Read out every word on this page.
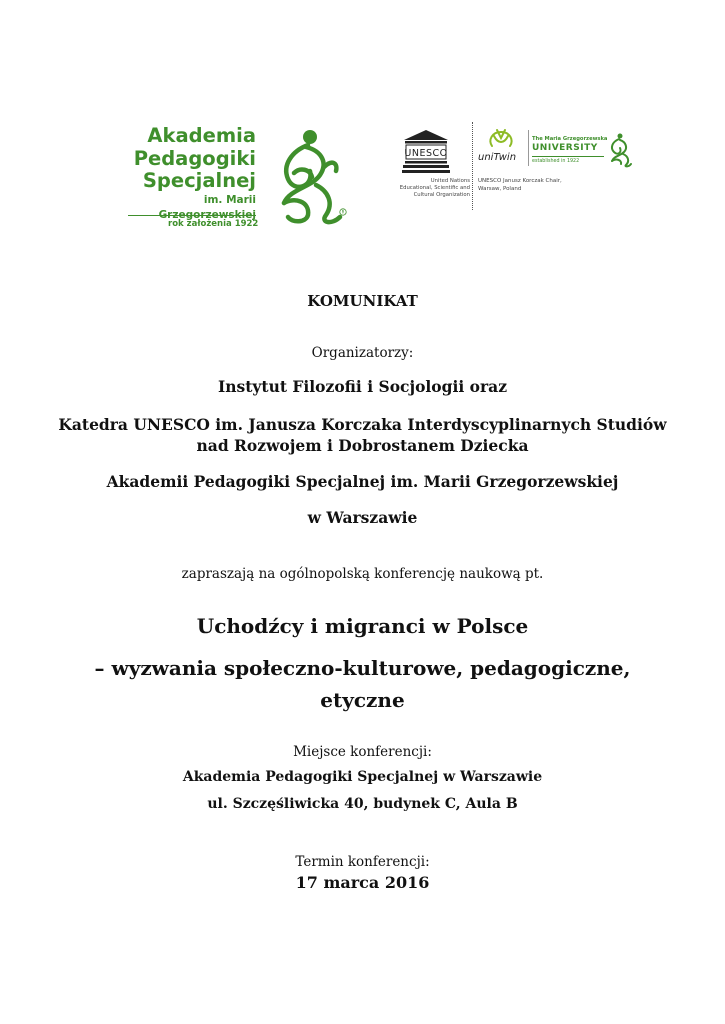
Akademia
Pedagogiki
Specjalnej
im. Marii Grzegorzewskiej
rok założenia 1922
R
UNESCO
United Nations
Educational, Scientific and
Cultural Organization
uniTwin
The Maria Grzegorzewska
UNIVERSITY
established in 1922
UNESCO Janusz Korczak Chair,
Warsaw, Poland
KOMUNIKAT
Organizatorzy:
Instytut Filozofii i Socjologii oraz
Katedra UNESCO im. Janusza Korczaka Interdyscyplinarnych Studiów
nad Rozwojem i Dobrostanem Dziecka
Akademii Pedagogiki Specjalnej im. Marii Grzegorzewskiej
w Warszawie
zapraszają na ogólnopolską konferencję naukową pt.
Uchodźcy i migranci w Polsce
– wyzwania społeczno-kulturowe, pedagogiczne,
etyczne
Miejsce konferencji:
Akademia Pedagogiki Specjalnej w Warszawie
ul. Szczęśliwicka 40, budynek C, Aula B
Termin konferencji:
17 marca 2016
